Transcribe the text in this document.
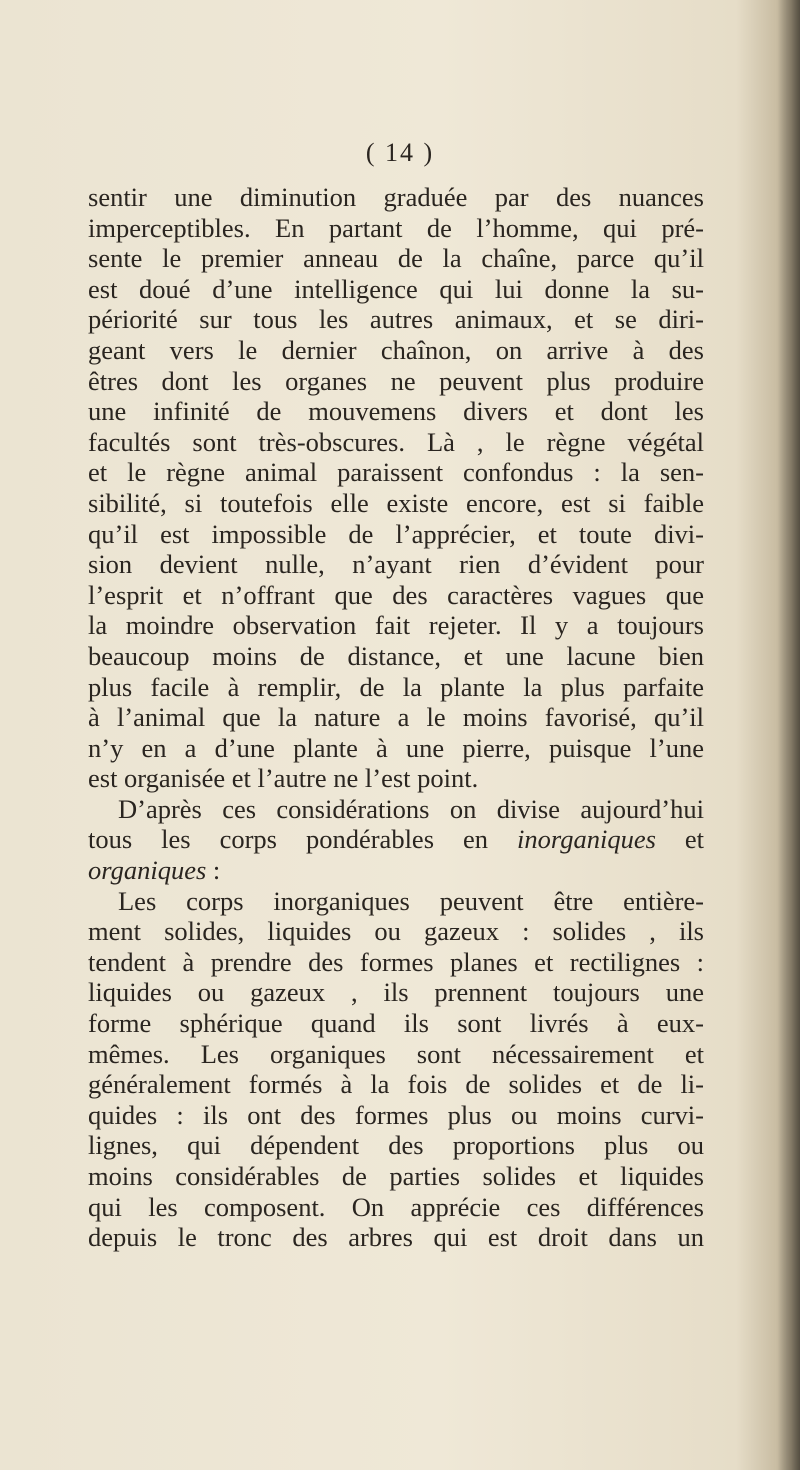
( 14 )
sentir une diminution graduée par des nuances
imperceptibles. En partant de l’homme, qui pré-
sente le premier anneau de la chaîne, parce qu’il
est doué d’une intelligence qui lui donne la su-
périorité sur tous les autres animaux, et se diri-
geant vers le dernier chaînon, on arrive à des
êtres dont les organes ne peuvent plus produire
une infinité de mouvemens divers et dont les
facultés sont très-obscures. Là , le règne végétal
et le règne animal paraissent confondus : la sen-
sibilité, si toutefois elle existe encore, est si faible
qu’il est impossible de l’apprécier, et toute divi-
sion devient nulle, n’ayant rien d’évident pour
l’esprit et n’offrant que des caractères vagues que
la moindre observation fait rejeter. Il y a toujours
beaucoup moins de distance, et une lacune bien
plus facile à remplir, de la plante la plus parfaite
à l’animal que la nature a le moins favorisé, qu’il
n’y en a d’une plante à une pierre, puisque l’une
est organisée et l’autre ne l’est point.
D’après ces considérations on divise aujourd’hui
tous les corps pondérables en inorganiques et
organiques :
Les corps inorganiques peuvent être entière-
ment solides, liquides ou gazeux : solides , ils
tendent à prendre des formes planes et rectilignes :
liquides ou gazeux , ils prennent toujours une
forme sphérique quand ils sont livrés à eux-
mêmes. Les organiques sont nécessairement et
généralement formés à la fois de solides et de li-
quides : ils ont des formes plus ou moins curvi-
lignes, qui dépendent des proportions plus ou
moins considérables de parties solides et liquides
qui les composent. On apprécie ces différences
depuis le tronc des arbres qui est droit dans un
